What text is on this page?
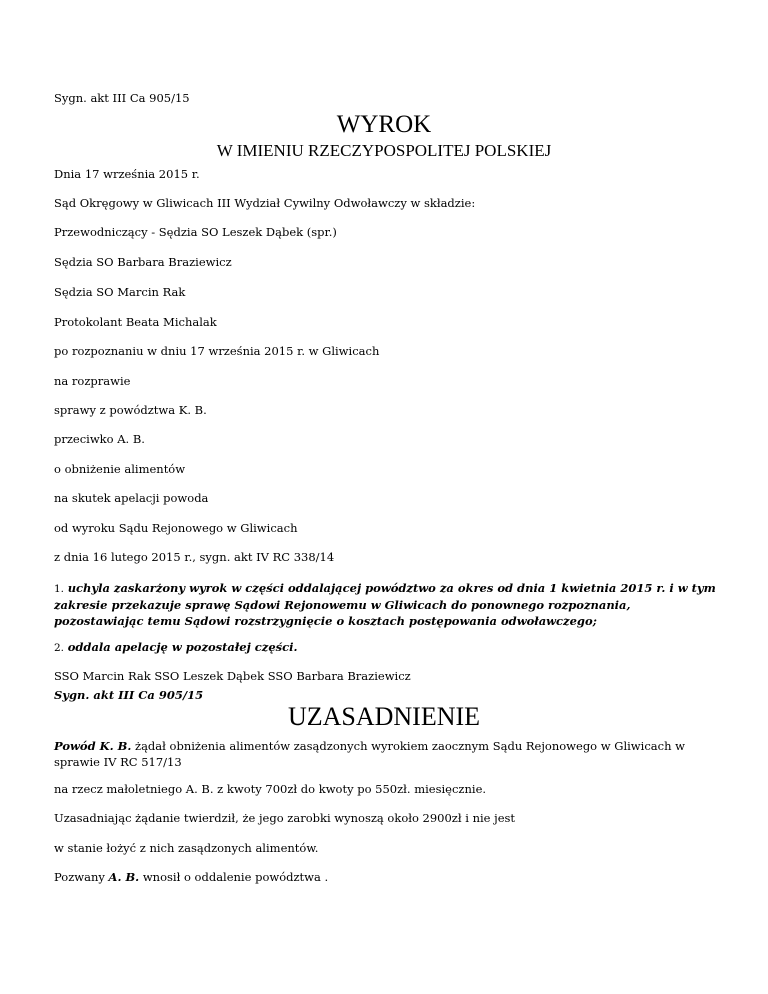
Sygn. akt III Ca 905/15
WYROK
W IMIENIU RZECZYPOSPOLITEJ POLSKIEJ
Dnia 17 września 2015 r.
Sąd Okręgowy w Gliwicach III Wydział Cywilny Odwoławczy w składzie:
Przewodniczący - Sędzia SO Leszek Dąbek (spr.)
Sędzia SO Barbara Braziewicz
Sędzia SO Marcin Rak
Protokolant Beata Michalak
po rozpoznaniu w dniu 17 września 2015 r. w Gliwicach
na rozprawie
sprawy z powództwa K. B.
przeciwko A. B.
o obniżenie alimentów
na skutek apelacji powoda
od wyroku Sądu Rejonowego w Gliwicach
z dnia 16 lutego 2015 r., sygn. akt IV RC 338/14
1. uchyla zaskarżony wyrok w części oddalającej powództwo za okres od dnia 1 kwietnia 2015 r. i w tym zakresie przekazuje sprawę Sądowi Rejonowemu w Gliwicach do ponownego rozpoznania, pozostawiając temu Sądowi rozstrzygnięcie o kosztach postępowania odwoławczego;
2. oddala apelację w pozostałej części.
SSO Marcin Rak SSO Leszek Dąbek SSO Barbara Braziewicz
Sygn. akt III Ca 905/15
UZASADNIENIE
Powód K. B. żądał obniżenia alimentów zasądzonych wyrokiem zaocznym Sądu Rejonowego w Gliwicach w sprawie IV RC 517/13
na rzecz małoletniego A. B. z kwoty 700zł do kwoty po 550zł. miesięcznie.
Uzasadniając żądanie twierdził, że jego zarobki wynoszą około 2900zł i nie jest
w stanie łożyć z nich zasądzonych alimentów.
Pozwany A. B. wnosił o oddalenie powództwa .
